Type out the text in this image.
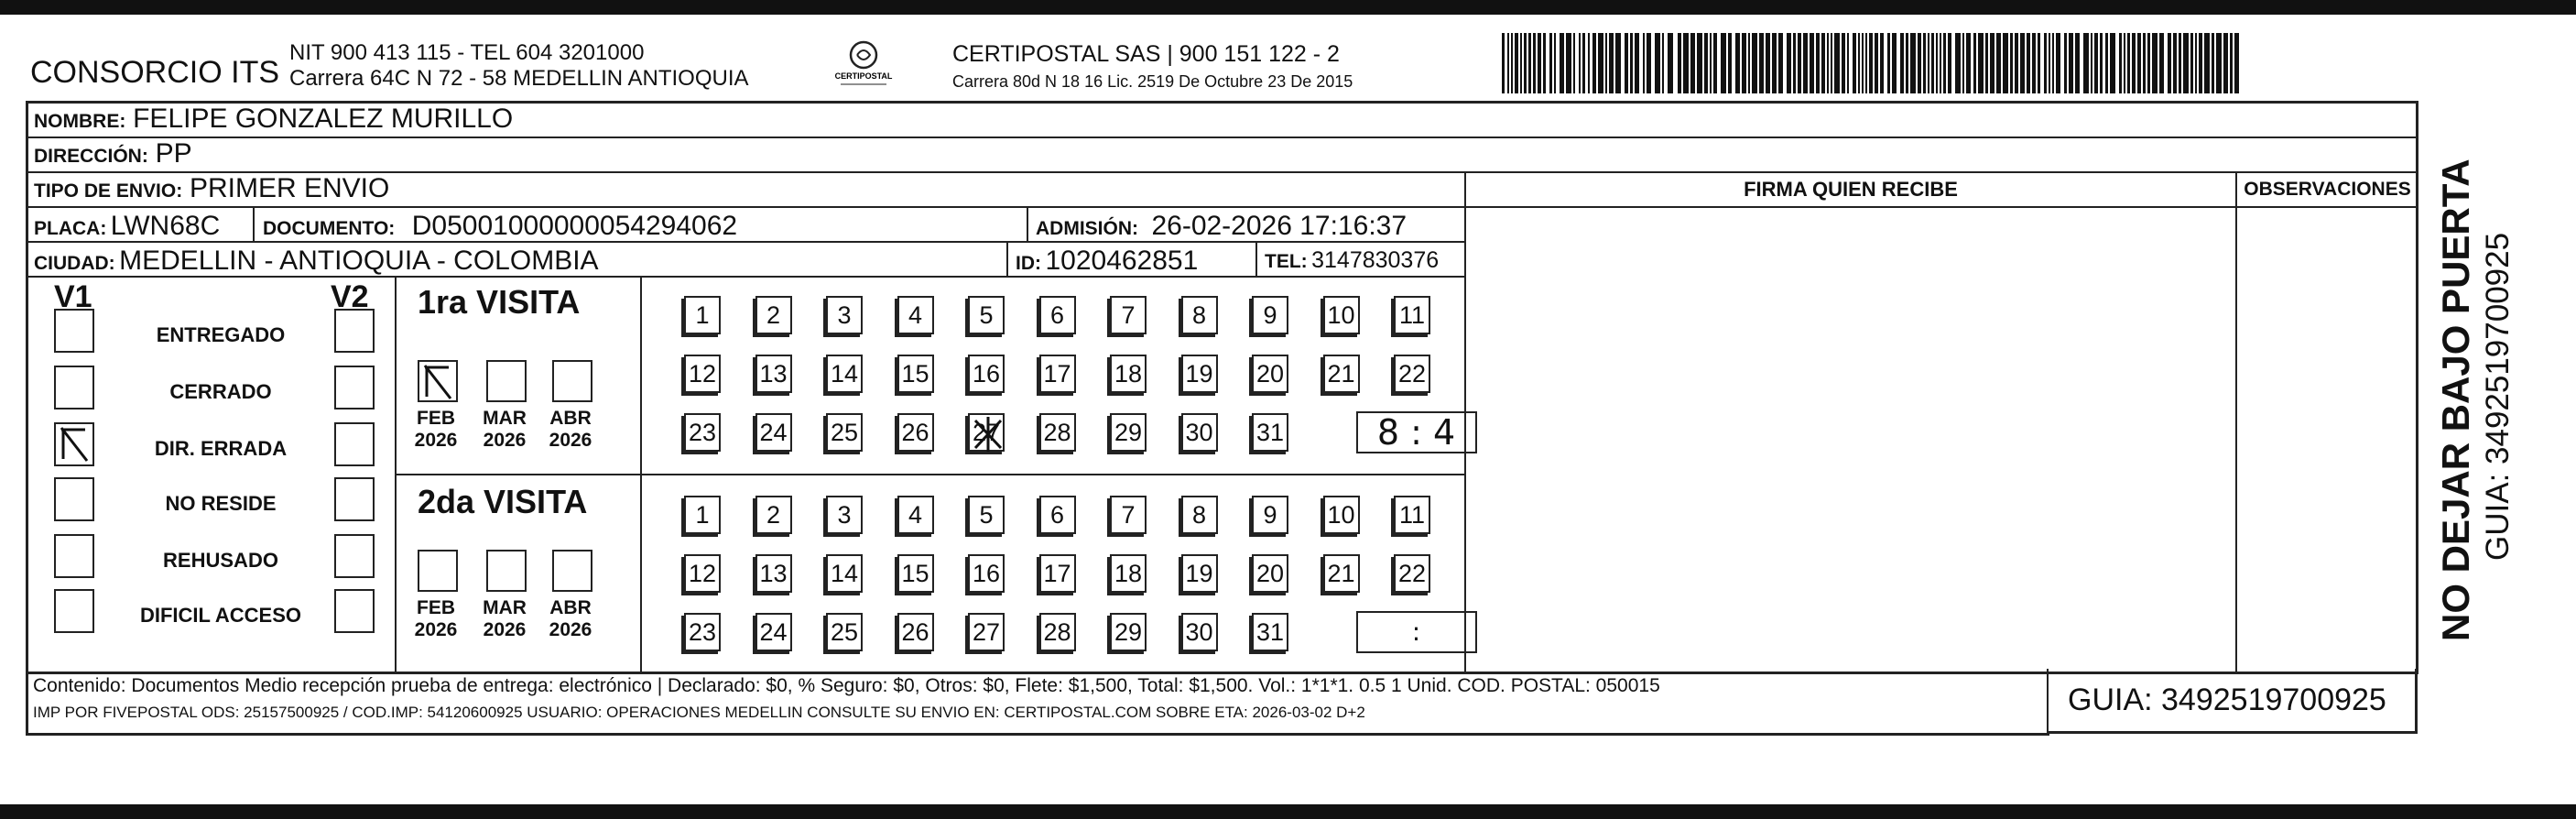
CONSORCIO ITS
NIT 900 413 115 - TEL 604 3201000
Carrera 64C N 72 - 58 MEDELLIN ANTIOQUIA	CERTIPOSTAL
CERTIPOSTAL SAS | 900 151 122 - 2
Carrera 80d N 18 16 Lic. 2519 De Octubre 23 De 2015
NOMBRE: FELIPE GONZALEZ MURILLO
DIRECCIÓN: PP
TIPO DE ENVIO: PRIMER ENVIO	FIRMA QUIEN RECIBE	OBSERVACIONES
PLACA: LWN68C DOCUMENTO: D05001000000054294062	ADMISIÓN: 26-02-2026 17:16:37
CIUDAD: MEDELLIN - ANTIOQUIA - COLOMBIA	ID: 1020462851	TEL: 3147830376
V1	V2 1ra VISITA
2da VISITA
ENTREGADO
CERRADO
DIR. ERRADA
NO RESIDE
REHUSADO
DIFICIL ACCESO
FEB
2026
MAR
2026
ABR
2026
FEB
2026
MAR
2026
ABR
2026
1	2	3	4	5	6	7	8	9	10 11
12 13 14 15 16 17 18 19 20 21 22
23 24 25 26 27 28 29 30 31	8 : 4
1	2	3	4	5	6	7	8	9	10 11
12 13 14 15 16 17 18 19 20 21 22
23 24 25 26 27 28 29 30 31	:
Contenido: Documentos Medio recepción prueba de entrega: electrónico | Declarado: $0, % Seguro: $0, Otros: $0, Flete: $1,500, Total: $1,500. Vol.: 1*1*1. 0.5 1 Unid. COD. POSTAL: 050015
IMP POR FIVEPOSTAL ODS: 25157500925 / COD.IMP: 54120600925 USUARIO: OPERACIONES MEDELLIN CONSULTE SU ENVIO EN: CERTIPOSTAL.COM SOBRE ETA: 2026-03-02 D+2	GUIA: 3492519700925
NO DEJAR BAJO PUERTA GUIA: 3492519700925
